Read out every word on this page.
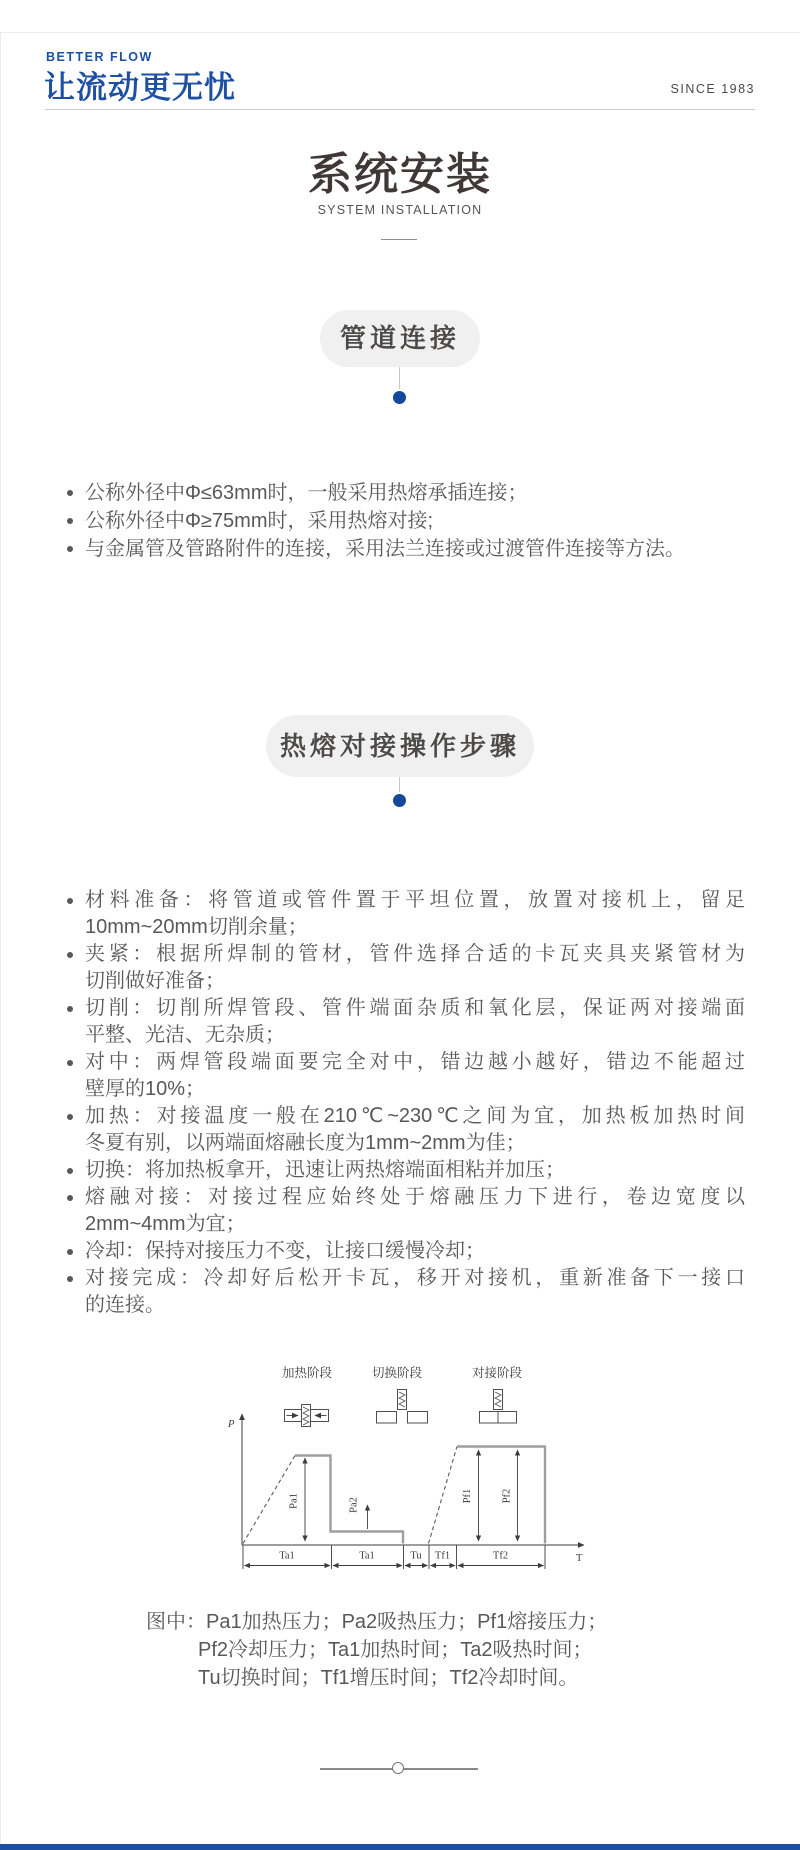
BETTER FLOW
让流动更无忧	SINCE 1983
系统安装
SYSTEM INSTALLATION
管道连接
公称外径中Φ≤63mm时，一般采用热熔承插连接；
公称外径中Φ≥75mm时，采用热熔对接;
与金属管及管路附件的连接，采用法兰连接或过渡管件连接等方法。
热熔对接操作步骤
材料准备：将管道或管件置于平坦位置，放置对接机上，留足
10mm~20mm切削余量；
夹紧：根据所焊制的管材，管件选择合适的卡瓦夹具夹紧管材为
切削做好准备；
切削：切削所焊管段、管件端面杂质和氧化层，保证两对接端面
平整、光洁、无杂质；
对中：两焊管段端面要完全对中，错边越小越好，错边不能超过
壁厚的10%；
加热：对接温度一般在210℃~230℃之间为宜，加热板加热时间
冬夏有别，以两端面熔融长度为1mm~2mm为佳；
切换：将加热板拿开，迅速让两热熔端面相粘并加压；
熔融对接：对接过程应始终处于熔融压力下进行，卷边宽度以
2mm~4mm为宜；
冷却：保持对接压力不变，让接口缓慢冷却；
对接完成：冷却好后松开卡瓦，移开对接机，重新准备下一接口
的连接。
加热阶段	切换阶段	对接阶段
P
T
Pa1	Pa2
Pf1	Pf2
Ta1	Ta1	Tu Tf1	Tf2
图中：Pa1加热压力；Pa2吸热压力；Pf1熔接压力；
Pf2冷却压力；Ta1加热时间；Ta2吸热时间；
Tu切换时间；Tf1增压时间；Tf2冷却时间。
